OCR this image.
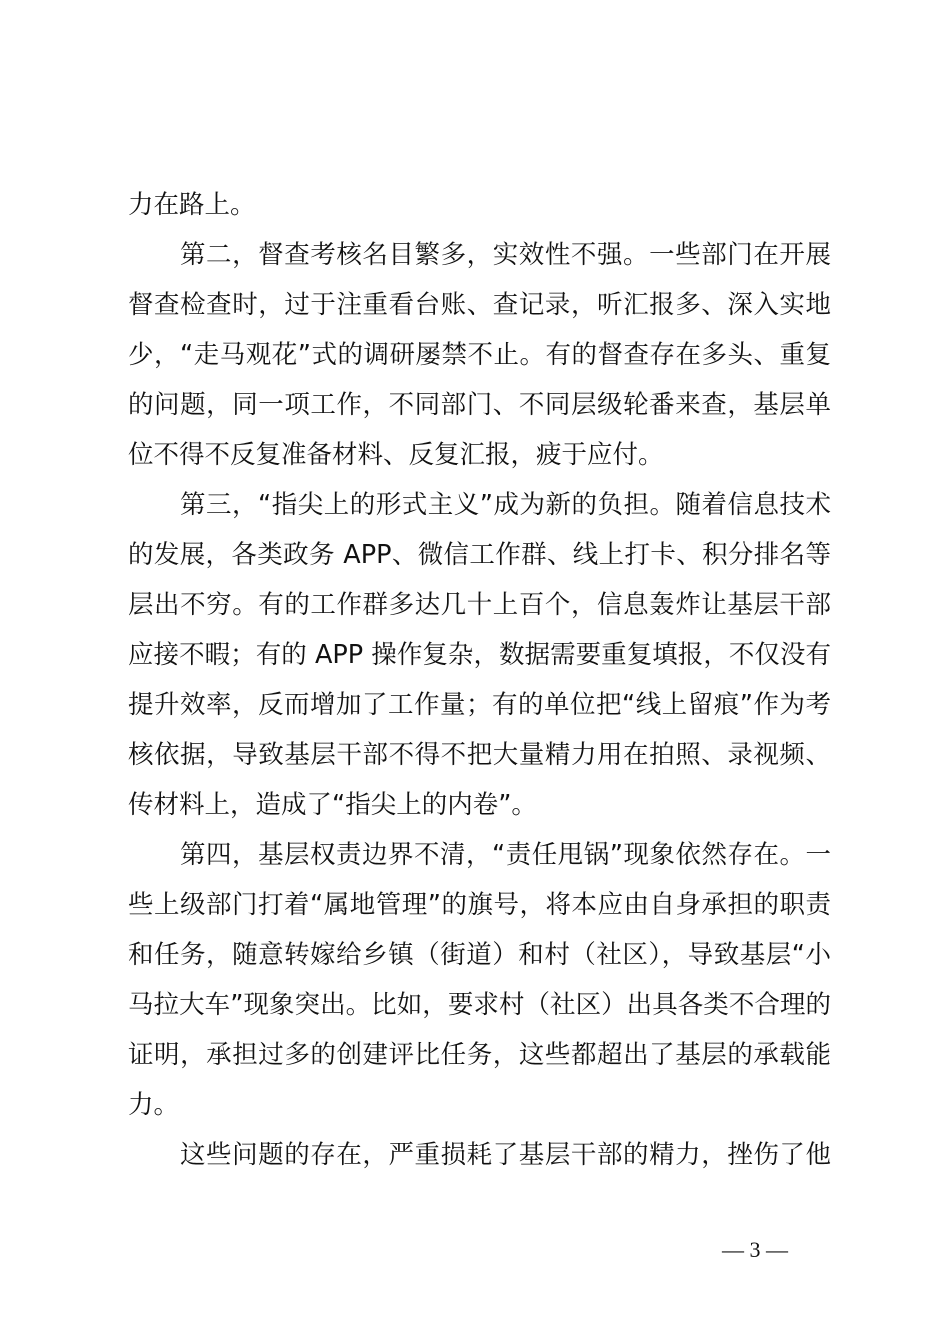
力在路上。
第二，督查考核名目繁多，实效性不强。一些部门在开展
督查检查时，过于注重看台账、查记录，听汇报多、深入实地
少，“走马观花”式的调研屡禁不止。有的督查存在多头、重复
的问题，同一项工作，不同部门、不同层级轮番来查，基层单
位不得不反复准备材料、反复汇报，疲于应付。
第三，“指尖上的形式主义”成为新的负担。随着信息技术
的发展，各类政务 APP、微信工作群、线上打卡、积分排名等
层出不穷。有的工作群多达几十上百个，信息轰炸让基层干部
应接不暇；有的 APP 操作复杂，数据需要重复填报，不仅没有
提升效率，反而增加了工作量；有的单位把“线上留痕”作为考
核依据，导致基层干部不得不把大量精力用在拍照、录视频、
传材料上，造成了“指尖上的内卷”。
第四，基层权责边界不清，“责任甩锅”现象依然存在。一
些上级部门打着“属地管理”的旗号，将本应由自身承担的职责
和任务，随意转嫁给乡镇（街道）和村（社区），导致基层“小
马拉大车”现象突出。比如，要求村（社区）出具各类不合理的
证明，承担过多的创建评比任务，这些都超出了基层的承载能
力。
这些问题的存在，严重损耗了基层干部的精力，挫伤了他
— 3 —
